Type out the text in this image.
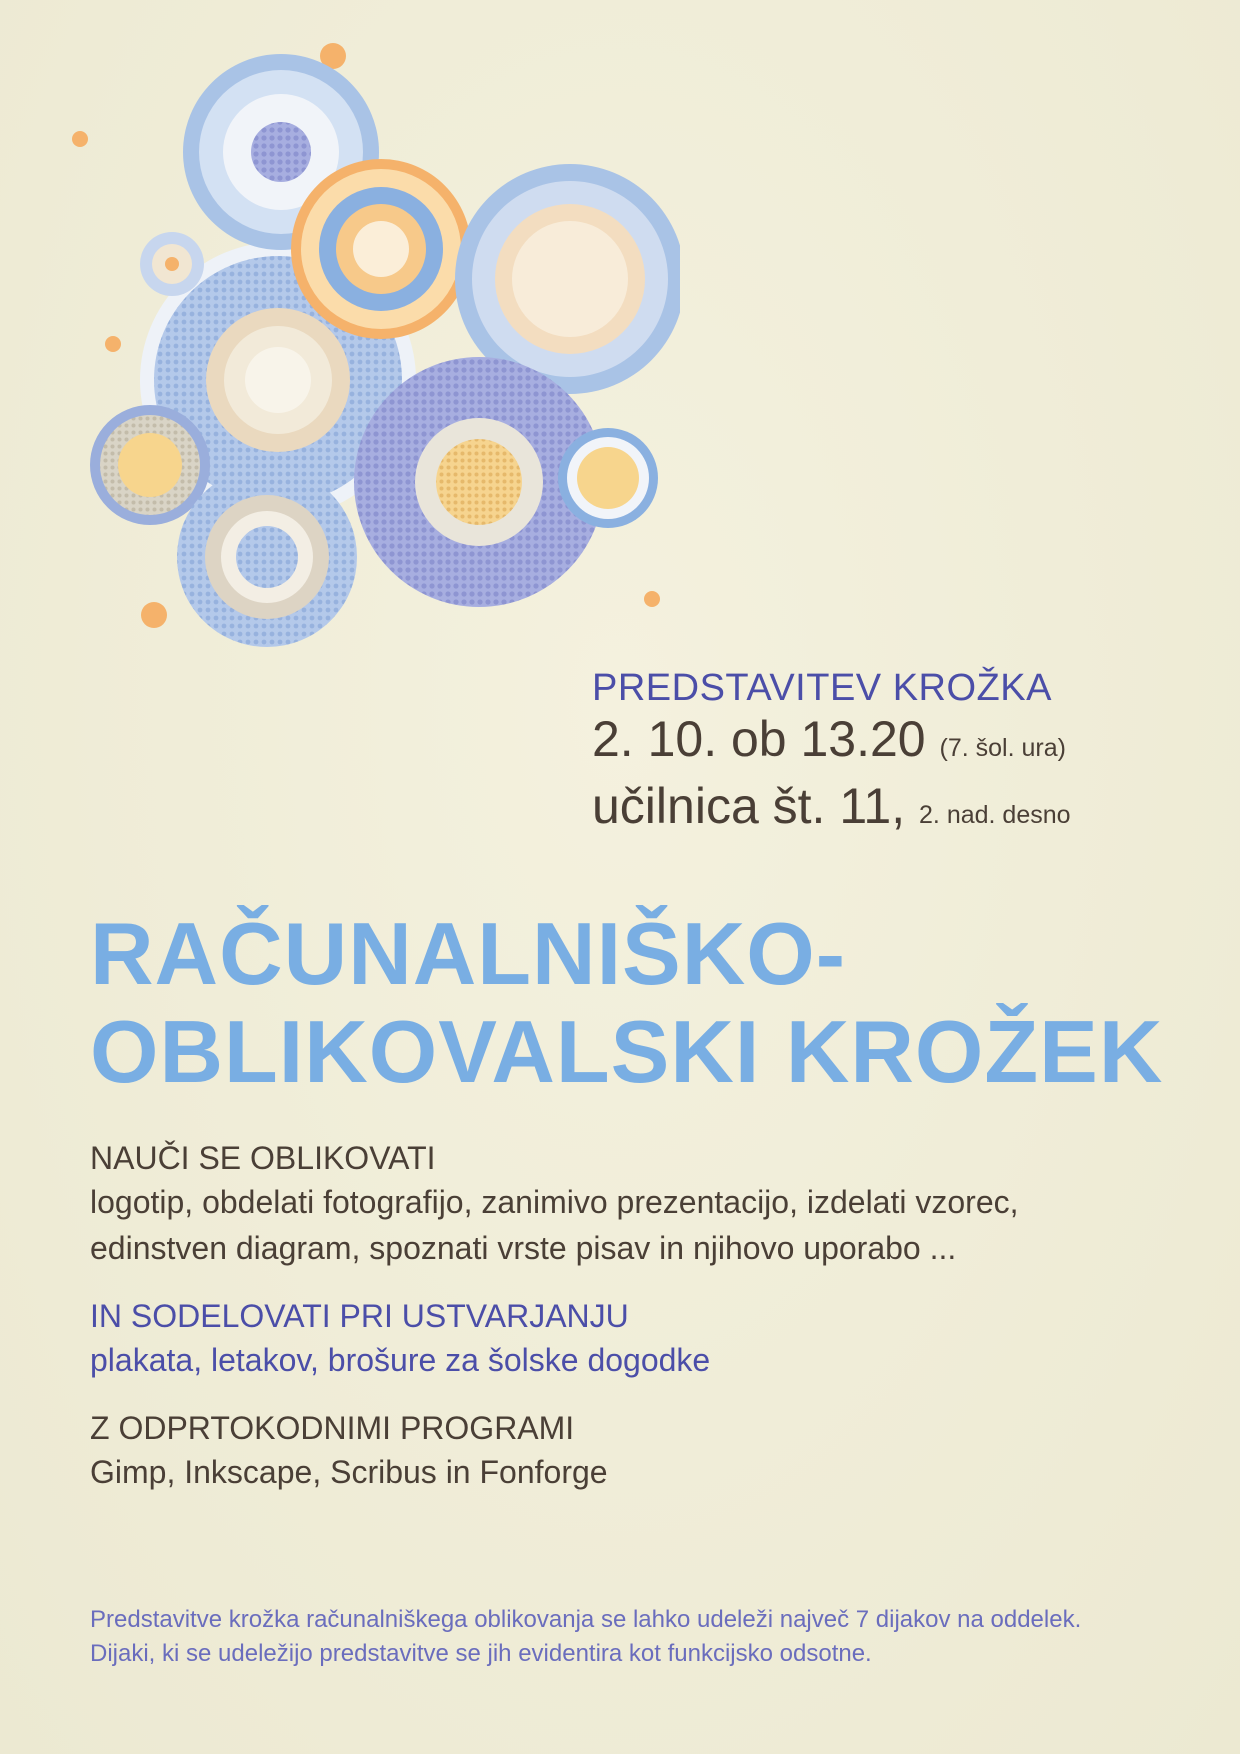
PREDSTAVITEV KROŽKA
2. 10. ob 13.20 (7. šol. ura)
učilnica št. 11, 2. nad. desno
RAČUNALNIŠKO-
OBLIKOVALSKI KROŽEK
NAUČI SE OBLIKOVATI
logotip, obdelati fotografijo, zanimivo prezentacijo, izdelati vzorec,
edinstven diagram, spoznati vrste pisav in njihovo uporabo ...
IN SODELOVATI PRI USTVARJANJU
plakata, letakov, brošure za šolske dogodke
Z ODPRTOKODNIMI PROGRAMI
Gimp, Inkscape, Scribus in Fonforge
Predstavitve krožka računalniškega oblikovanja se lahko udeleži največ 7 dijakov na oddelek.
Dijaki, ki se udeležijo predstavitve se jih evidentira kot funkcijsko odsotne.
